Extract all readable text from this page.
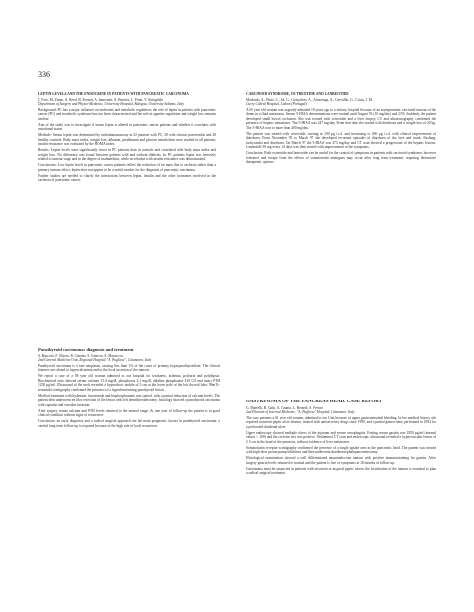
336
LEPTIN LEVELS AND THE ENDOCRINE IN PATIENTS WITH PANCREATIC CARCINOMA
J. Fore, M. Zinno, A. Reed, B. Kermit, A. Innocenti, A. Benitez, L. Fenti, V. Siringelda
Department of Surgery and Physio-Medicine, University Hospital, Bologna, University Sabinas, Italy
Background: PC has a major influence on endocrine and metabolic regulation; the role of leptin in patients with pancreatic cancer (PC) and metabolic syndrome has not been characterised and the role in appetite regulation and weight loss remains unclear.
Aim of the study was to investigate if serum leptin is altered in pancreatic cancer patients and whether it correlates with nutritional status.
Methods: Serum leptin was determined by radioimmunoassay in 52 patients with PC, 30 with chronic pancreatitis and 28 healthy controls. Body mass index, weight loss, albumin, prealbumin and glucose metabolism were studied in all patients; insulin resistance was evaluated by the HOMA index.
Results: Leptin levels were significantly lower in PC patients than in controls and correlated with body mass index and weight loss. No difference was found between patients with and without diabetes. In PC patients leptin was inversely related to tumour stage and to the degree of malnutrition, while no relation with insulin resistance was demonstrated.
Conclusions: Low leptin levels in pancreatic cancer patients reflect the reduction of fat mass due to cachexia rather than a primary tumour effect; leptin does not appear to be a useful marker for the diagnosis of pancreatic carcinoma.
Further studies are needed to clarify the interactions between leptin, insulin and the other hormones involved in the cachexia of pancreatic cancer.
CARCINOID SYNDROME, OCTREOTIDE AND LANREOTIDE
Machado, A., Pinto, C., Sá, G., Gonçalves, A., Alvarenga, A., Carvalho, G., Costa, J. M.
Curry Cabral Hospital, Lisbon (Portugal)
A 65 year old woman was urgently admitted 18 years ago to a tertiary hospital because of an asymptomatic carcinoid tumour of the ileum in a fluid metastasis. Serum 5-HIAA determinations were normal until August 93 (10 mg/day) and 2/93. Suddenly the patient developed small bowel occlusion. She was treated with octreotide and a liver biopsy, CT and ultrasonography confirmed the presence of hepatic metastases. The 5-HIAA was 247 mg/day. From that time she started with diarrhoea and a weight loss of 20 kg. The 5-HIAA rose to more than 400 mg/day.
The patient was treated with octreotide, starting at 100 µg t.i.d. and increasing to 500 µg t.i.d. with clinical improvement of diarrhoea. From November 95 to March 97 she developed recurrent episodes of diarrhoea of the face and trunk, flushing, tachycardia and diarrhoea. On March 97 the 5-HIAA was 373 mg/day and CT scan showed a progression of the hepatic lesions. Lanreotide 30 mg every 14 days was then started with improvement of the symptoms.
Conclusion: Both octreotide and lanreotide can be useful for the control of symptoms in patients with carcinoid syndrome; however tolerance and escape from the effects of somatostatin analogues may occur after long term treatment, requiring alternative therapeutic options.
Parathyroid carcinoma: diagnosis and treatment
S. Rusconi, F. Ghiera, R. Cimino, S. Ginevra, S. Mazzocca
2nd General Medicine Unit, Regional Hospital "A. Pugliese", Catanzaro, Italy
Parathyroid carcinoma is a rare neoplasm, causing less than 1% of the cases of primary hyperparathyroidism. The clinical features are related to hypercalcaemia and to the local invasion of the tumour.
We report a case of a 58 year old woman admitted to our hospital for weakness, asthenia, polyuria and polydipsia. Biochemical tests showed serum calcium 15.4 mg/dl, phosphorus 2.1 mg/dl, alkaline phosphatase 410 U/l and intact PTH 1250 pg/ml. Ultrasound of the neck revealed a hypoechoic nodule of 3 cm at the lower pole of the left thyroid lobe; 99mTc-sestamibi scintigraphy confirmed the presence of a hyperfunctioning parathyroid lesion.
Medical treatment with hydration, furosemide and bisphosphonates was started, with a partial reduction of calcium levels. The patient then underwent en bloc resection of the lesion with left hemithyroidectomy; histology showed a parathyroid carcinoma with capsular and vascular invasion.
After surgery serum calcium and PTH levels returned to the normal range. At one year of follow-up the patient is in good clinical condition without signs of recurrence.
Conclusion: an early diagnosis and a radical surgical approach are the main prognostic factors in parathyroid carcinoma; a careful long-term follow-up is required because of the high rate of local recurrence.
GASTRINOMA OF THE PANCREAS HEAD. CASE REPORT
G. Martelli, R. Gatti, A. Giunta, L. Berardi, S. Ferrari
2nd Division of Internal Medicine, "A. Pugliese" Hospital, Catanzaro, Italy
The case presents a 61 year old woman, admitted to our Unit because of upper gastrointestinal bleeding. In her medical history she reported recurrent peptic ulcer disease, treated with antisecretory drugs since 1990, and a partial gastrectomy performed in 1994 for a perforated duodenal ulcer.
Upper endoscopy showed multiple ulcers of the jejunum and severe oesophagitis. Fasting serum gastrin was 1850 pg/ml (normal values < 100) and the secretin test was positive. Abdominal CT scan and endoscopic ultrasound revealed a hypervascular lesion of 2.5 cm in the head of the pancreas, without evidence of liver metastases.
Somatostatin receptor scintigraphy confirmed the presence of a single uptake area in the pancreatic head. The patient was treated with high dose proton pump inhibitors and then underwent duodenocephalopancreatectomy.
Histological examination showed a well differentiated neuroendocrine tumour with positive immunostaining for gastrin. After surgery gastrin levels returned to normal and the patient is free of symptoms at 18 months of follow-up.
Gastrinoma must be suspected in patients with recurrent or atypical peptic ulcers; the localisation of the tumour is essential to plan a radical surgical treatment.
